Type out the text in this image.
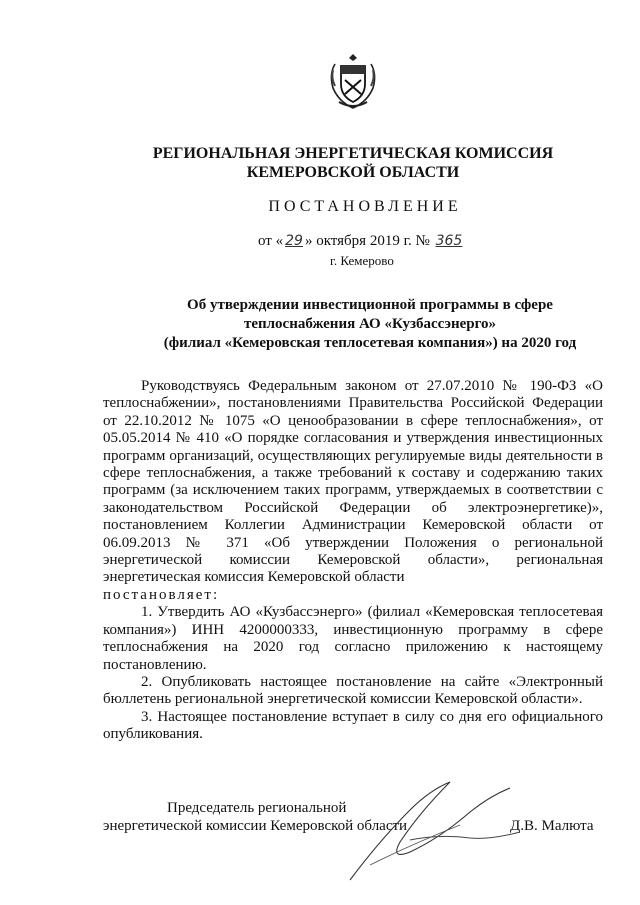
РЕГИОНАЛЬНАЯ ЭНЕРГЕТИЧЕСКАЯ КОМИССИЯ
КЕМЕРОВСКОЙ ОБЛАСТИ
ПОСТАНОВЛЕНИЕ
от « 29 » октября 2019 г. № 365
г. Кемерово
Об утверждении инвестиционной программы в сфере
теплоснабжения АО «Кузбассэнерго»
(филиал «Кемеровская теплосетевая компания») на 2020 год

Руководствуясь Федеральным законом от 27.07.2010 № 190-ФЗ «О теплоснабжении», постановлениями Правительства Российской Федерации от 22.10.2012 № 1075 «О ценообразовании в сфере теплоснабжения», от 05.05.2014 № 410 «О порядке согласования и утверждения инвестиционных программ организаций, осуществляющих регулируемые виды деятельности в сфере теплоснабжения, а также требований к составу и содержанию таких программ (за исключением таких программ, утверждаемых в соответствии с законодательством Российской Федерации об электроэнергетике)», постановлением Коллегии Администрации Кемеровской области от 06.09.2013 № 371 «Об утверждении Положения о региональной энергетической комиссии Кемеровской области», региональная энергетическая комиссия Кемеровской области

постановляет:

1. Утвердить АО «Кузбассэнерго» (филиал «Кемеровская теплосетевая компания») ИНН 4200000333, инвестиционную программу в сфере теплоснабжения на 2020 год согласно приложению к настоящему постановлению.

2. Опубликовать настоящее постановление на сайте «Электронный бюллетень региональной энергетической комиссии Кемеровской области».

3. Настоящее постановление вступает в силу со дня его официального опубликования.

Председатель региональной
энергетической комиссии Кемеровской области	Д.В. Малюта
